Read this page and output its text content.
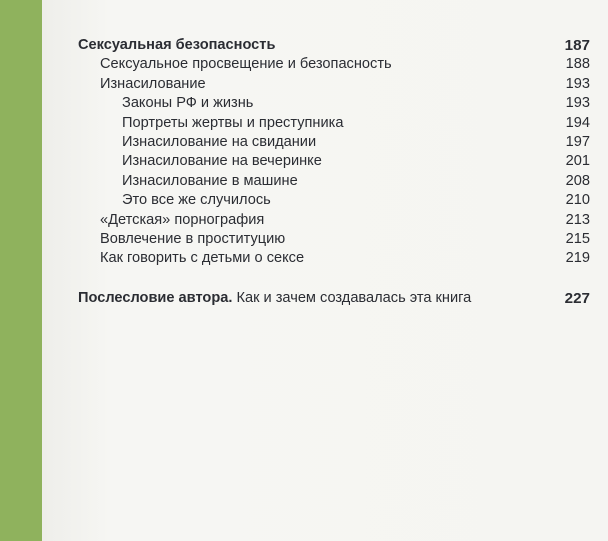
Сексуальная безопасность	187
Сексуальное просвещение и безопасность	188
Изнасилование	193
Законы РФ и жизнь	193
Портреты жертвы и преступника	194
Изнасилование на свидании	197
Изнасилование на вечеринке	201
Изнасилование в машине	208
Это все же случилось	210
«Детская» порнография	213
Вовлечение в проституцию	215
Как говорить с детьми о сексе	219
Послесловие автора. Как и зачем создавалась эта книга	227
